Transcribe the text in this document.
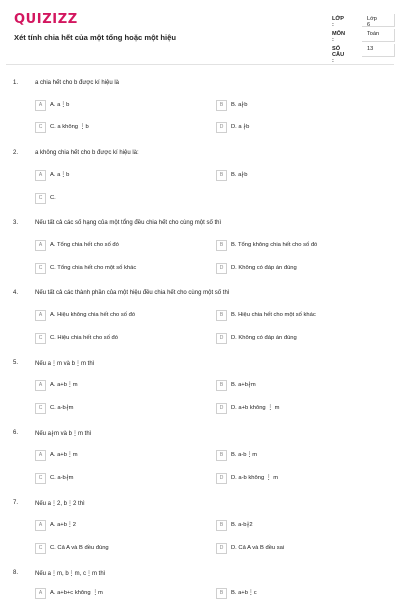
QUIZIZZ
Xét tính chia hết của một tổng hoặc một hiệu
LỚP :
Lớp 6
MÔN :
Toán
SỐ CÂU :
13
1.	a chia hết cho b được kí hiệu là
A	A. a⋮b	B	B. a∤b
C	C. a không ⋮b	D	D. a ∤b
2.	a không chia hết cho b được kí hiệu là:
A	A. a⋮b	B	B. a∤b
C	C.
3.	Nếu tất cả các số hạng của một tổng đều chia hết cho cùng một số thì
A	A. Tổng chia hết cho số đó	B	B. Tổng không chia hết cho số đó
C	C. Tổng chia hết cho một số khác	D	D. Không có đáp án đúng
4.	Nếu tất cả các thành phần của một hiệu đều chia hết cho cùng một số thì
A	A. Hiệu không chia hết cho số đó	B	B. Hiệu chia hết cho một số khác
C	C. Hiệu chia hết cho số đó	D	D. Không có đáp án đúng
5.	Nếu a⋮m và b⋮m thì
A	A. a+b⋮m	B	B. a+b∤m
C	C. a-b∤m	D	D. a+b không ⋮ m
6.	Nếu a∤m và b⋮m thì
A	A. a+b⋮m	B	B. a-b⋮m
C	C. a-b∤m	D	D. a-b không ⋮ m
7.	Nếu a⋮2, b⋮2 thì
A	A. a+b⋮2	B	B. a-b∤2
C	C. Cả A và B đều đúng	D	D. Cả A và B đều sai
8.	Nếu a⋮m, b⋮m, c⋮m thì
A	A. a+b+c không ⋮m	B	B. a+b⋮c
